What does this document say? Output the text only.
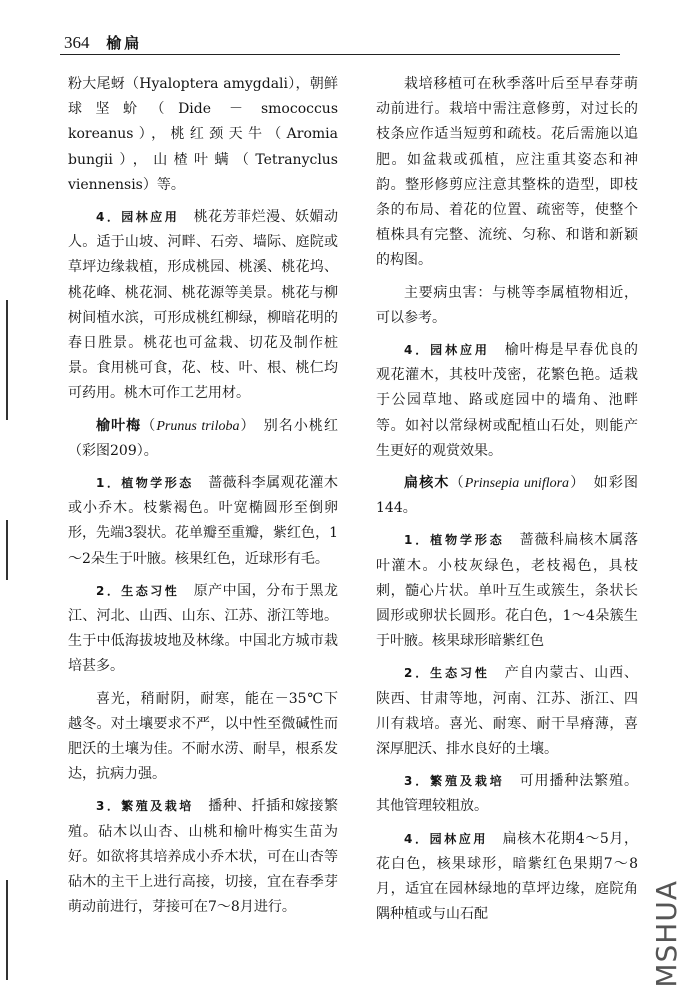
364 榆扁

粉大尾蚜（Hyaloptera amygdali），朝鲜球坚蚧（Dide － smococcus koreanus），桃红颈天牛（Aromia bungii），山楂叶螨（Tetranyclus viennensis）等。

4．园林应用　 桃花芳菲烂漫、妖媚动人。适于山坡、河畔、石旁、墙际、庭院或草坪边缘栽植，形成桃园、桃溪、桃花坞、桃花峰、桃花洞、桃花源等美景。桃花与柳树间植水滨，可形成桃红柳绿，柳暗花明的春日胜景。桃花也可盆栽、切花及制作桩景。食用桃可食，花、枝、叶、根、桃仁均可药用。桃木可作工艺用材。

榆叶梅（Prunus triloba）　别名小桃红（彩图209）。

1．植物学形态　 蔷薇科李属观花灌木或小乔木。枝紫褐色。叶宽椭圆形至倒卵形，先端3裂状。花单瓣至重瓣，紫红色，1～2朵生于叶腋。核果红色，近球形有毛。

2．生态习性　 原产中国，分布于黑龙江、河北、山西、山东、江苏、浙江等地。生于中低海拔坡地及林缘。中国北方城市栽培甚多。

喜光，稍耐阴，耐寒，能在－35℃下越冬。对土壤要求不严，以中性至微碱性而肥沃的土壤为佳。不耐水涝、耐旱，根系发达，抗病力强。

3．繁殖及栽培　 播种、扦插和嫁接繁殖。砧木以山杏、山桃和榆叶梅实生苗为好。如欲将其培养成小乔木状，可在山杏等砧木的主干上进行高接，切接，宜在春季芽萌动前进行，芽接可在7～8月进行。

栽培移植可在秋季落叶后至早春芽萌动前进行。栽培中需注意修剪，对过长的枝条应作适当短剪和疏枝。花后需施以追肥。如盆栽或孤植，应注重其姿态和神韵。整形修剪应注意其整株的造型，即枝条的布局、着花的位置、疏密等，使整个植株具有完整、流统、匀称、和谐和新颖的构图。

主要病虫害：与桃等李属植物相近，可以参考。

4．园林应用　 榆叶梅是早春优良的观花灌木，其枝叶茂密，花繁色艳。适栽于公园草地、路或庭园中的墙角、池畔等。如衬以常绿树或配植山石处，则能产生更好的观赏效果。

扁核木（Prinsepia uniflora）　如彩图144。

1．植物学形态　 蔷薇科扁核木属落叶灌木。小枝灰绿色，老枝褐色，具枝刺，髓心片状。单叶互生或簇生，条状长圆形或卵状长圆形。花白色，1～4朵簇生于叶腋。核果球形暗紫红色

2．生态习性　 产自内蒙古、山西、陕西、甘肃等地，河南、江苏、浙江、四川有栽培。喜光、耐寒、耐干旱瘠薄，喜深厚肥沃、排水良好的土壤。

3．繁殖及栽培　 可用播种法繁殖。其他管理较粗放。

4．园林应用　 扁核木花期4～5月，花白色，核果球形，暗紫红色果期7～8月，适宜在园林绿地的草坪边缘，庭院角隅种植或与山石配	MSHUA
